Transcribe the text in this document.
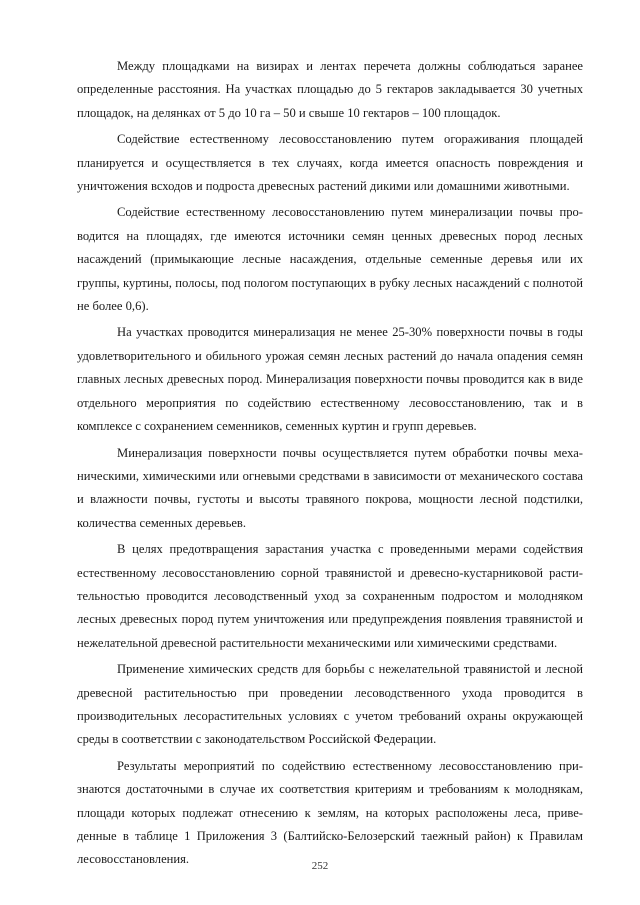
Между площадками на визирах и лентах перечета должны соблюдаться заранее определенные расстояния. На участках площадью до 5 гектаров закладывается 30 учетных площадок, на делянках от 5 до 10 га – 50 и свыше 10 гектаров – 100 площадок.

Содействие естественному лесовосстановлению путем огораживания площадей планируется и осуществляется в тех случаях, когда имеется опасность повреждения и уничтожения всходов и подроста древесных растений дикими или домашними животными.

Содействие естественному лесовосстановлению путем минерализации почвы проводится на площадях, где имеются источники семян ценных древесных пород лесных насаждений (примыкающие лесные насаждения, отдельные семенные деревья или их группы, куртины, полосы, под пологом поступающих в рубку лесных насаждений с полнотой не более 0,6).

На участках проводится минерализация не менее 25-30% поверхности почвы в годы удовлетворительного и обильного урожая семян лесных растений до начала опадения семян главных лесных древесных пород. Минерализация поверхности почвы проводится как в виде отдельного мероприятия по содействию естественному лесовосстановлению, так и в комплексе с сохранением семенников, семенных куртин и групп деревьев.

Минерализация поверхности почвы осуществляется путем обработки почвы механическими, химическими или огневыми средствами в зависимости от механического состава и влажности почвы, густоты и высоты травяного покрова, мощности лесной подстилки, количества семенных деревьев.

В целях предотвращения зарастания участка с проведенными мерами содействия естественному лесовосстановлению сорной травянистой и древесно-кустарниковой растительностью проводится лесоводственный уход за сохраненным подростом и молодняком лесных древесных пород путем уничтожения или предупреждения появления травянистой и нежелательной древесной растительности механическими или химическими средствами.

Применение химических средств для борьбы с нежелательной травянистой и лесной древесной растительностью при проведении лесоводственного ухода проводится в производительных лесорастительных условиях с учетом требований охраны окружающей среды в соответствии с законодательством Российской Федерации.

Результаты мероприятий по содействию естественному лесовосстановлению признаются достаточными в случае их соответствия критериям и требованиям к молоднякам, площади которых подлежат отнесению к землям, на которых расположены леса, приведенные в таблице 1 Приложения 3 (Балтийско-Белозерский таежный район) к Правилам лесовосстановления.	252
